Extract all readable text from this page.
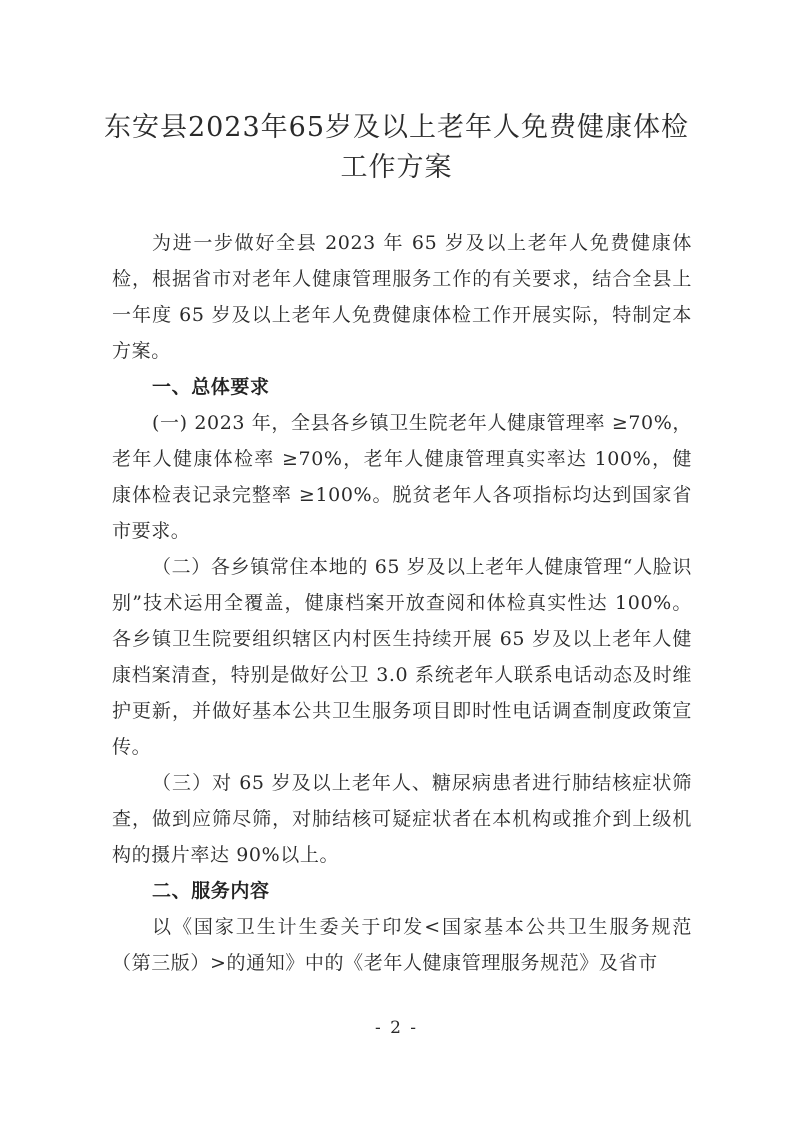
东安县2023年65岁及以上老年人免费健康体检
工作方案

为进一步做好全县 2023 年 65 岁及以上老年人免费健康体检，根据省市对老年人健康管理服务工作的有关要求，结合全县上一年度 65 岁及以上老年人免费健康体检工作开展实际，特制定本方案。

一、总体要求

(一) 2023 年，全县各乡镇卫生院老年人健康管理率 ≥70%，老年人健康体检率 ≥70%，老年人健康管理真实率达 100%，健康体检表记录完整率 ≥100%。脱贫老年人各项指标均达到国家省市要求。

（二）各乡镇常住本地的 65 岁及以上老年人健康管理“人脸识别”技术运用全覆盖，健康档案开放查阅和体检真实性达 100%。各乡镇卫生院要组织辖区内村医生持续开展 65 岁及以上老年人健康档案清查，特别是做好公卫 3.0 系统老年人联系电话动态及时维护更新，并做好基本公共卫生服务项目即时性电话调查制度政策宣传。

（三）对 65 岁及以上老年人、糖尿病患者进行肺结核症状筛查，做到应筛尽筛，对肺结核可疑症状者在本机构或推介到上级机构的摄片率达 90%以上。

二、服务内容

以《国家卫生计生委关于印发<国家基本公共卫生服务规范（第三版）>的通知》中的《老年人健康管理服务规范》及省市

- 2 -
